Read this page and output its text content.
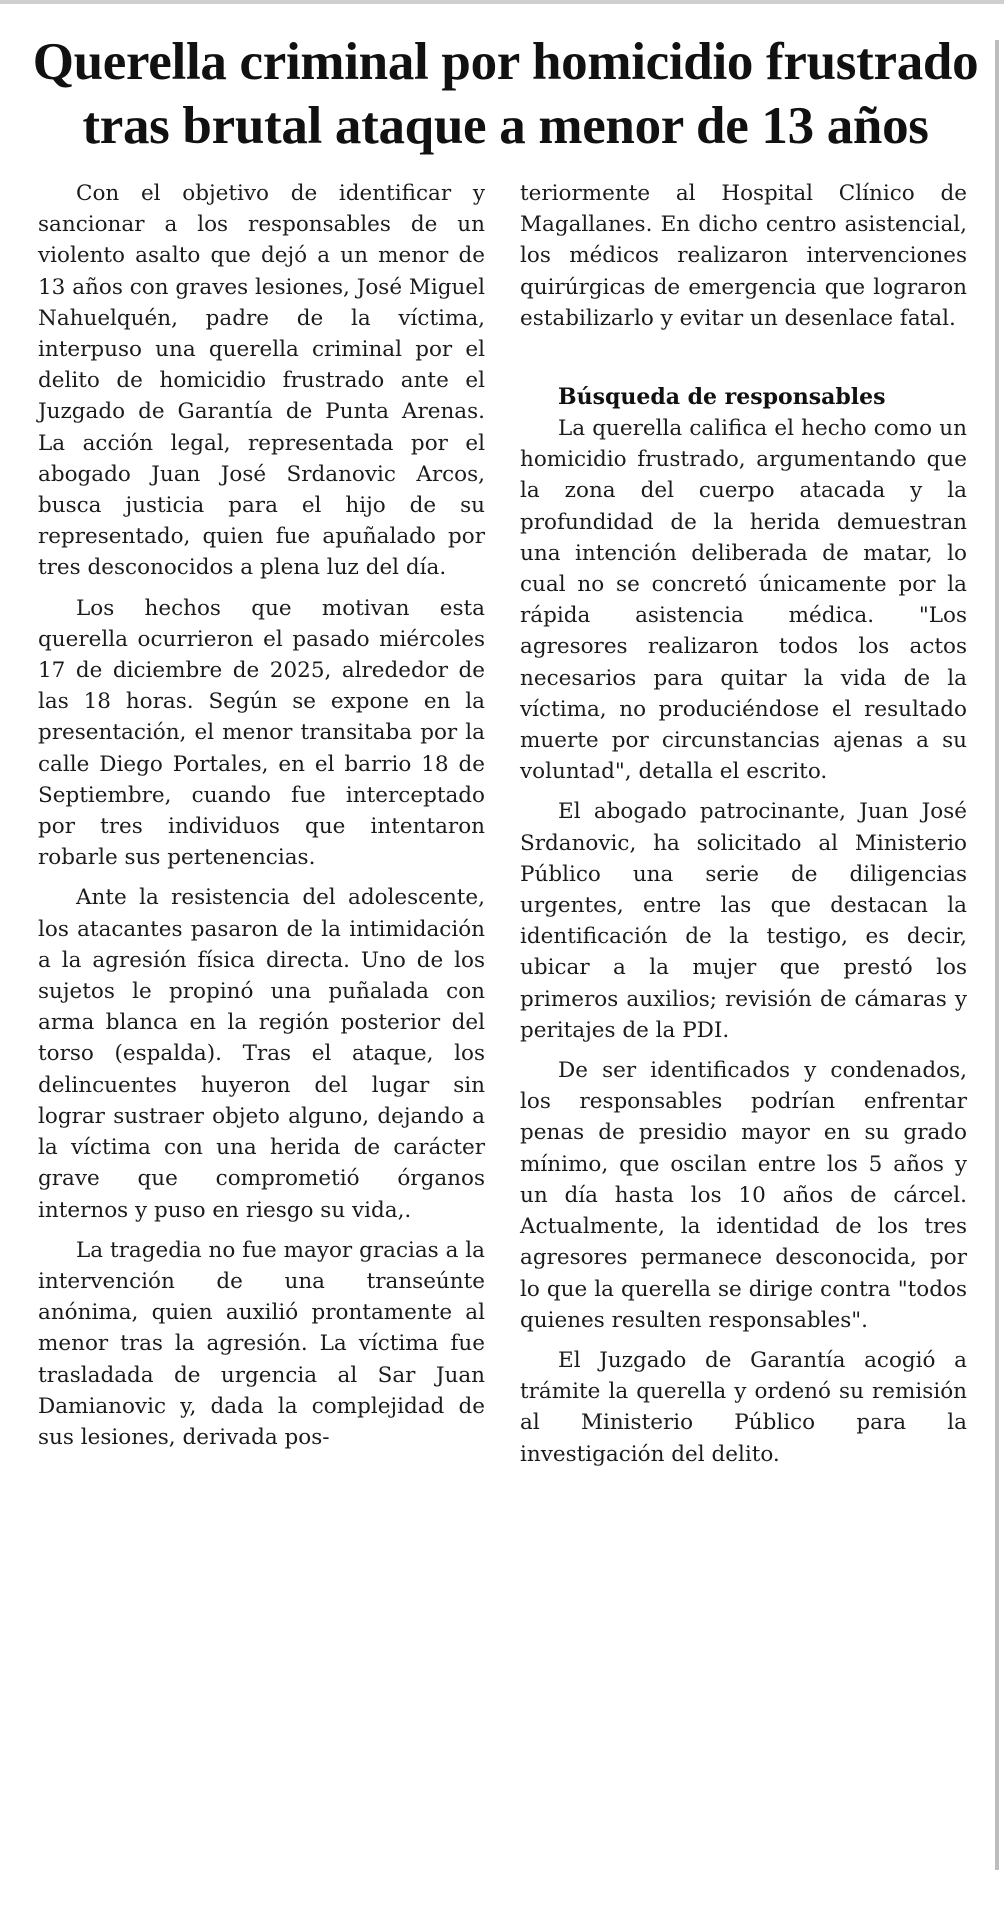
Querella criminal por homicidio frustrado tras brutal ataque a menor de 13 años

Con el objetivo de identificar y sancionar a los responsables de un violento asalto que dejó a un menor de 13 años con graves lesiones, José Miguel Nahuelquén, padre de la víctima, interpuso una querella criminal por el delito de homicidio frustrado ante el Juzgado de Garantía de Punta Arenas. La acción legal, representada por el abogado Juan José Srdanovic Arcos, busca justicia para el hijo de su representado, quien fue apuñalado por tres desconocidos a plena luz del día.

Los hechos que motivan esta querella ocurrieron el pasado miércoles 17 de diciembre de 2025, alrededor de las 18 horas. Según se expone en la presentación, el menor transitaba por la calle Diego Portales, en el barrio 18 de Septiembre, cuando fue interceptado por tres individuos que intentaron robarle sus pertenencias.

Ante la resistencia del adolescente, los atacantes pasaron de la intimidación a la agresión física directa. Uno de los sujetos le propinó una puñalada con arma blanca en la región posterior del torso (espalda). Tras el ataque, los delincuentes huyeron del lugar sin lograr sustraer objeto alguno, dejando a la víctima con una herida de carácter grave que comprometió órganos internos y puso en riesgo su vida,.

La tragedia no fue mayor gracias a la intervención de una transeúnte anónima, quien auxilió prontamente al menor tras la agresión. La víctima fue trasladada de urgencia al Sar Juan Damianovic y, dada la complejidad de sus lesiones, derivada pos-

teriormente al Hospital Clínico de Magallanes. En dicho centro asistencial, los médicos realizaron intervenciones quirúrgicas de emergencia que lograron estabilizarlo y evitar un desenlace fatal.

Búsqueda de responsables

La querella califica el hecho como un homicidio frustrado, argumentando que la zona del cuerpo atacada y la profundidad de la herida demuestran una intención deliberada de matar, lo cual no se concretó únicamente por la rápida asistencia médica. "Los agresores realizaron todos los actos necesarios para quitar la vida de la víctima, no produciéndose el resultado muerte por circunstancias ajenas a su voluntad", detalla el escrito.

El abogado patrocinante, Juan José Srdanovic, ha solicitado al Ministerio Público una serie de diligencias urgentes, entre las que destacan la identificación de la testigo, es decir, ubicar a la mujer que prestó los primeros auxilios; revisión de cámaras y peritajes de la PDI.

De ser identificados y condenados, los responsables podrían enfrentar penas de presidio mayor en su grado mínimo, que oscilan entre los 5 años y un día hasta los 10 años de cárcel. Actualmente, la identidad de los tres agresores permanece desconocida, por lo que la querella se dirige contra "todos quienes resulten responsables".

El Juzgado de Garantía acogió a trámite la querella y ordenó su remisión al Ministerio Público para la investigación del delito.
